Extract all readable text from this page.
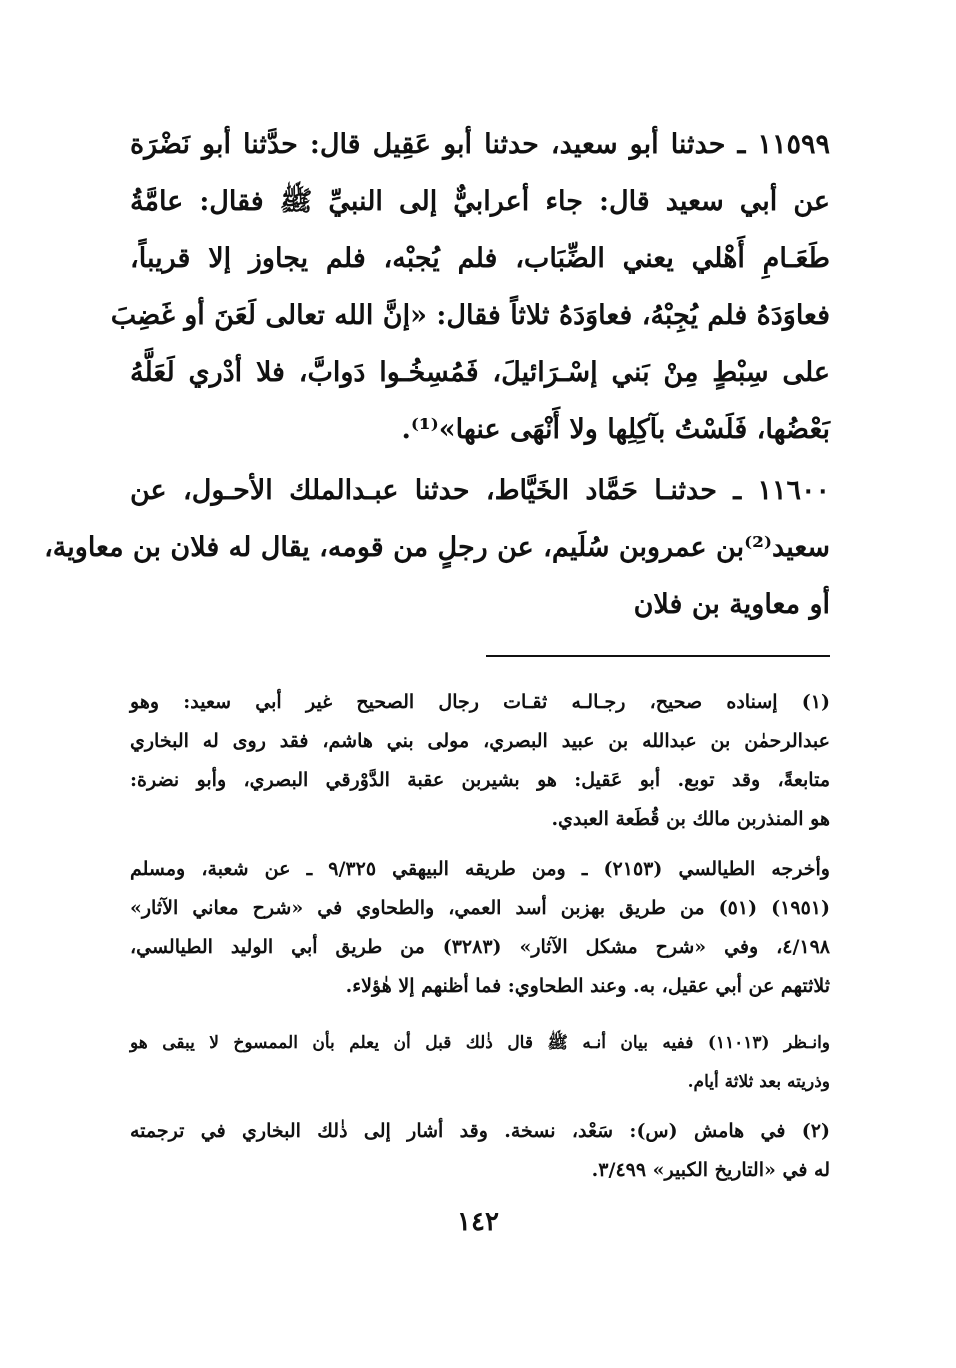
١١٥٩٩ ـ حدثنا أبو سعيد، حدثنا أبو عَقِيل قال: حدَّثنا أبو نَضْرَة
عن أبي سعيد قال: جاء أعرابيٌّ إلى النبيِّ ﷺ فقال: عامَّةُ
طَعَـامِ أَهْلي يعني الضِّبَاب، فلم يُجبْه، فلم يجاوز إلا قريباً،
فعاوَدَهُ فلم يُجِبْهُ، فعاوَدَهُ ثلاثاً فقال: «إنَّ الله تعالى لَعَنَ أو غَضِبَ
على سِبْطٍ مِنْ بَني إسْـرَائيلَ، فَمُسِخُـوا دَوابَّ، فلا أدْري لَعَلَّهُ
بَعْضُها، فَلَسْتُ بآكِلِها ولا أَنْهَى عنها»⁽¹⁾.
١١٦٠٠ ـ حدثنـا حَمَّاد الخَيَّاط، حدثنا عبـدالملك الأحـول، عن
سعيد⁽²⁾بن عمروبن سُلَيم، عن رجلٍ من قومه، يقال له فلان بن معاوية،
أو معاوية بن فلان
(١) إسناده صحيح، رجـالـه ثقـات رجال الصحيح غير أبي سعيد: وهو
عبدالرحمٰن بن عبدالله بن عبيد البصري، مولى بني هاشم، فقد روى له البخاري
متابعةً، وقد توبع. أبو عَقيل: هو بشيربن عقبة الدَّوْرقي البصري، وأبو نضرة:
هو المنذربن مالك بن قُطَعة العبدي.
وأخرجه الطيالسي (٢١٥٣) ـ ومن طريقه البيهقي ٩/٣٢٥ ـ عن شعبة، ومسلم
(١٩٥١) (٥١) من طريق بهزبن أسد العمي، والطحاوي في «شرح معاني الآثار»
٤/١٩٨، وفي «شرح مشكل الآثار» (٣٢٨٣) من طريق أبي الوليد الطيالسي،
ثلاثتهم عن أبي عقيل، به. وعند الطحاوي: فما أظنهم إلا هٰؤلاء.
وانـظر (١١٠١٣) ففيه بيان أنـه ﷺ قال ذٰلك قبل أن يعلم بأن الممسوخ لا يبقى هو
وذريته بعد ثلاثة أيام.
(٢) في هامش (س): سَعْد، نسخة. وقد أشار إلى ذٰلك البخاري في ترجمته
له في «التاريخ الكبير» ٣/٤٩٩.
١٤٢
